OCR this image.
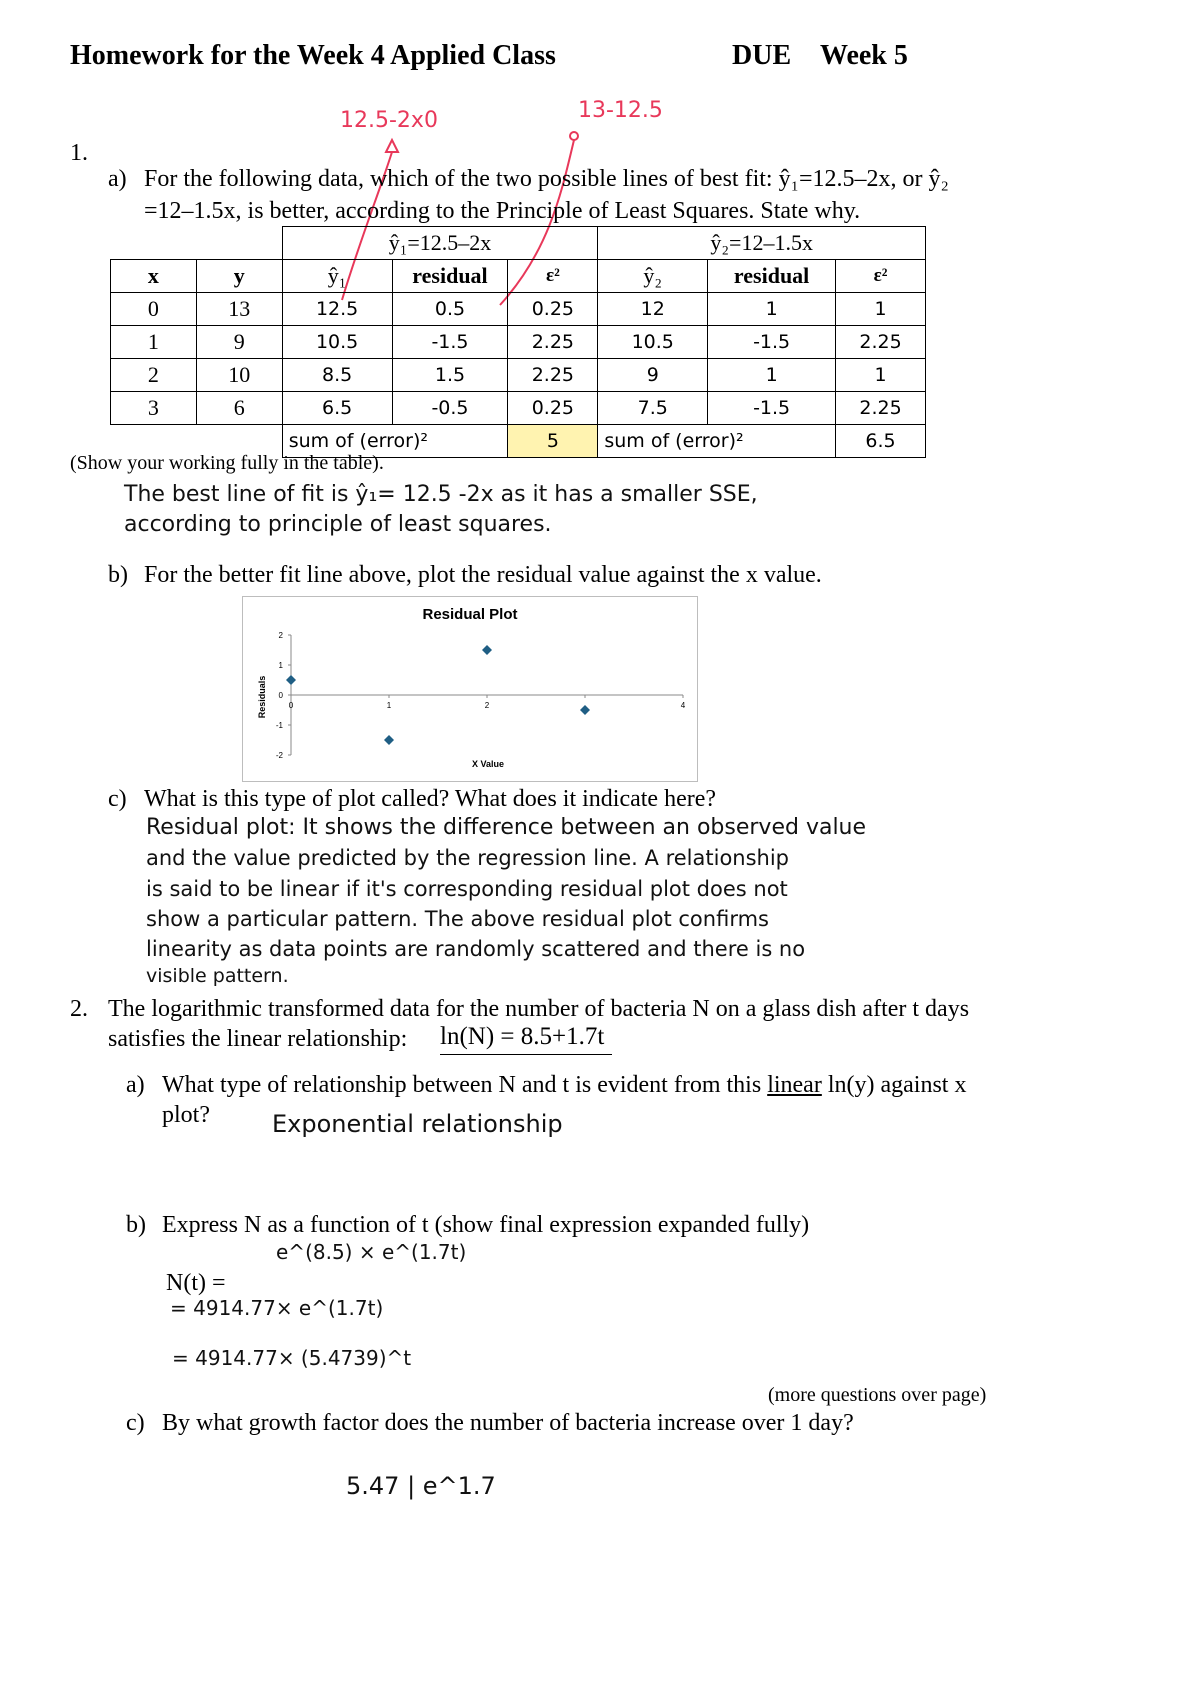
Homework for the Week 4 Applied Class	DUE Week 5
12.5-2x0	13-12.5
1.
a) For the following data, which of the two possible lines of best fit: ŷ₁=12.5–2x, or ŷ₂
=12–1.5x, is better, according to the Principle of Least Squares. State why.
		ŷ₁=12.5–2x			ŷ₂=12–1.5x		
x	y	ŷ₁	residual	ε²	ŷ₂	residual	ε²
0	13	12.5	0.5	0.25	12	1	1
1	9	10.5	-1.5	2.25	10.5	-1.5	2.25
2	10	8.5	1.5	2.25	9	1	1
3	6	6.5	-0.5	0.25	7.5	-1.5	2.25
		sum of (error)²		5	sum of (error)²		6.5
(Show your working fully in the table).
The best line of fit is ŷ₁= 12.5 -2x as it has a smaller SSE,
according to principle of least squares.
b) For the better fit line above, plot the residual value against the x value.
Residual Plot
Residuals
X Value
2
1
0
-1
-2
0	1	2	4
c) What is this type of plot called? What does it indicate here?
Residual plot: It shows the difference between an observed value
and the value predicted by the regression line. A relationship
is said to be linear if it's corresponding residual plot does not
show a particular pattern. The above residual plot confirms
linearity as data points are randomly scattered and there is no
visible pattern.
2. The logarithmic transformed data for the number of bacteria N on a glass dish after t days
satisfies the linear relationship: ln(N) = 8.5+1.7t
a) What type of relationship between N and t is evident from this linear ln(y) against x
plot?	Exponential relationship
b) Express N as a function of t (show final expression expanded fully)
e^(8.5) × e^(1.7t)
N(t) =
= 4914.77× e^(1.7t)
= 4914.77× (5.4739)^t
(more questions over page)
c) By what growth factor does the number of bacteria increase over 1 day?
5.47 | e^1.7
